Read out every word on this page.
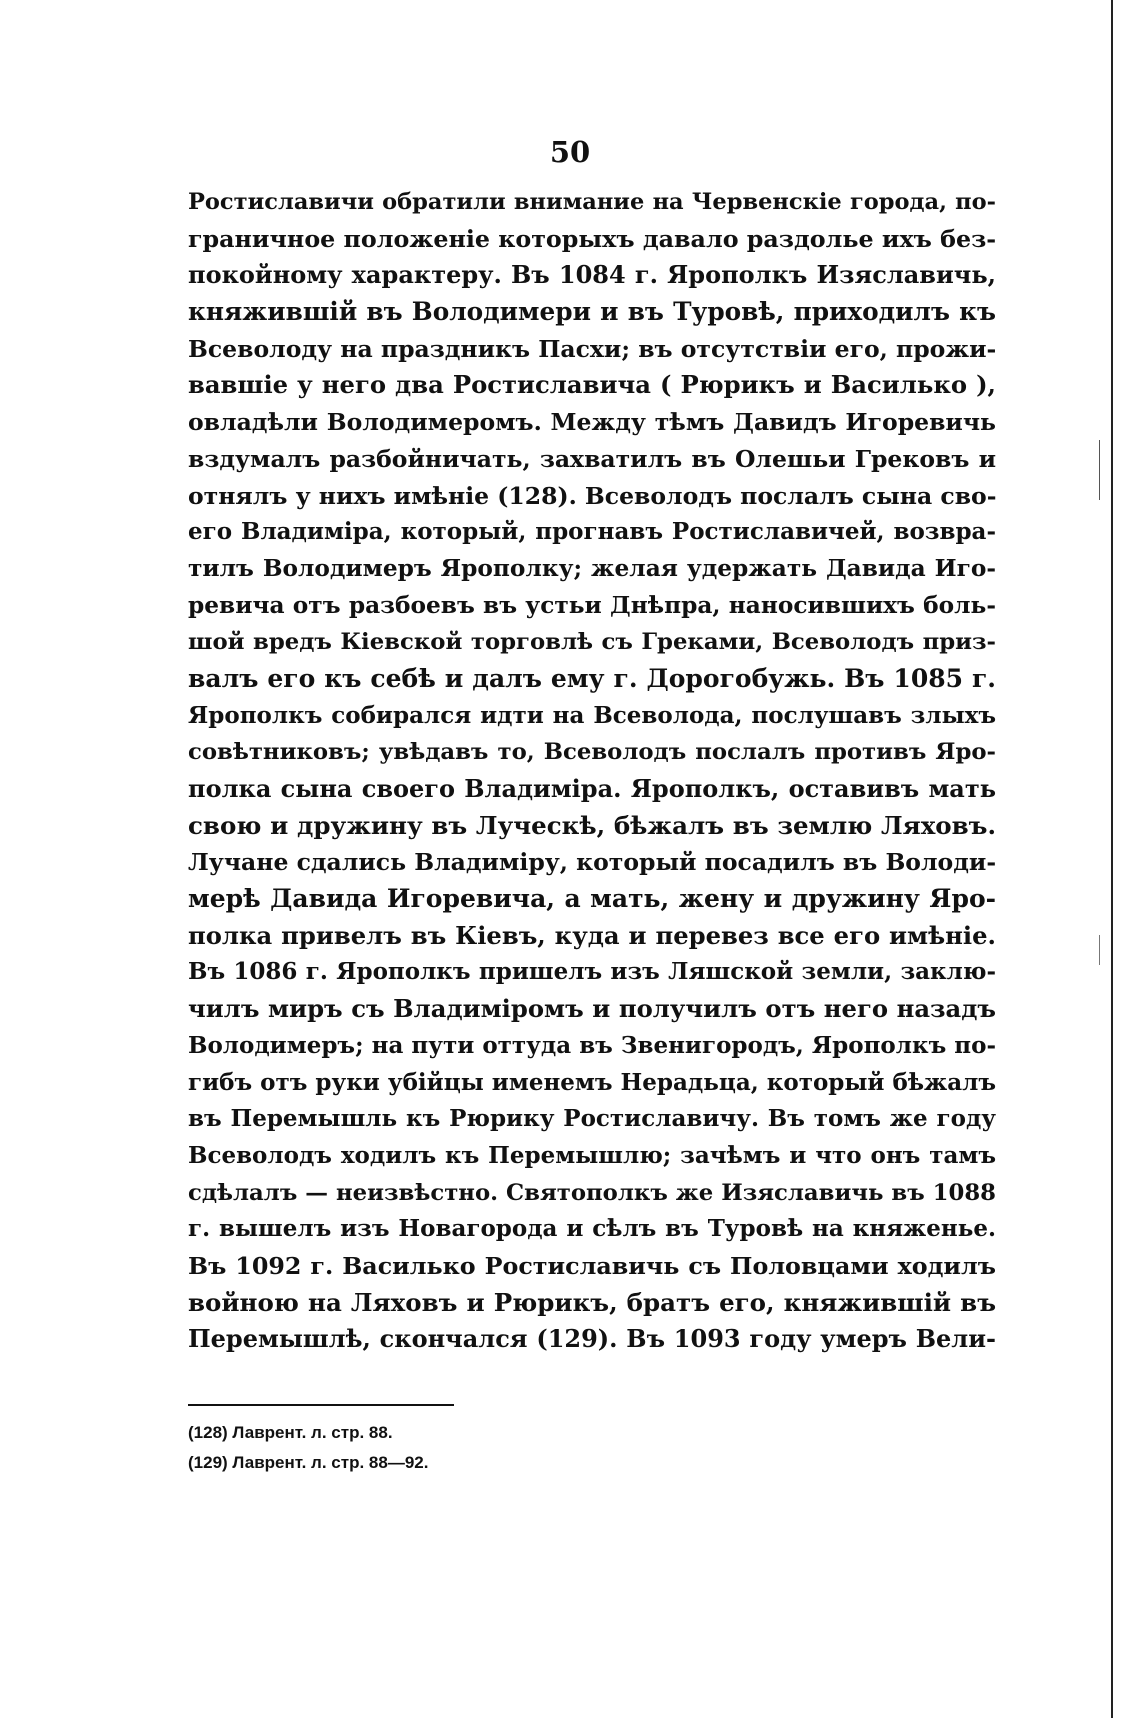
50
Ростиславичи обратили внимание на Червенскіе города, по-
граничное положеніе которыхъ давало раздолье ихъ без-
покойному характеру. Въ 1084 г. Ярополкъ Изяславичь,
княжившій въ Володимери и въ Туровѣ, приходилъ къ
Всеволоду на праздникъ Пасхи; въ отсутствіи его, прожи-
вавшіе у него два Ростиславича ( Рюрикъ и Василько ),
овладѣли Володимеромъ. Между тѣмъ Давидъ Игоревичь
вздумалъ разбойничать, захватилъ въ Олешьи Грековъ и
отнялъ у нихъ имѣніе (128). Всеволодъ послалъ сына сво-
его Владиміра, который, прогнавъ Ростиславичей, возвра-
тилъ Володимеръ Ярополку; желая удержать Давида Иго-
ревича отъ разбоевъ въ устьи Днѣпра, наносившихъ боль-
шой вредъ Кіевской торговлѣ съ Греками, Всеволодъ приз-
валъ его къ себѣ и далъ ему г. Дорогобужь. Въ 1085 г.
Ярополкъ собирался идти на Всеволода, послушавъ злыхъ
совѣтниковъ; увѣдавъ то, Всеволодъ послалъ противъ Яро-
полка сына своего Владиміра. Ярополкъ, оставивъ мать
свою и дружину въ Луческѣ, бѣжалъ въ землю Ляховъ.
Лучане сдались Владиміру, который посадилъ въ Володи-
мерѣ Давида Игоревича, а мать, жену и дружину Яро-
полка привелъ въ Кіевъ, куда и перевез все его имѣніе.
Въ 1086 г. Ярополкъ пришелъ изъ Ляшской земли, заклю-
чилъ миръ съ Владиміромъ и получилъ отъ него назадъ
Володимеръ; на пути оттуда въ Звенигородъ, Ярополкъ по-
гибъ отъ руки убійцы именемъ Нерадьца, который бѣжалъ
въ Перемышль къ Рюрику Ростиславичу. Въ томъ же году
Всеволодъ ходилъ къ Перемышлю; зачѣмъ и что онъ тамъ
сдѣлалъ — неизвѣстно. Святополкъ же Изяславичь въ 1088
г. вышелъ изъ Новагорода и сѣлъ въ Туровѣ на княженье.
Въ 1092 г. Василько Ростиславичь съ Половцами ходилъ
войною на Ляховъ и Рюрикъ, братъ его, княжившій въ
Перемышлѣ, скончался (129). Въ 1093 году умеръ Вели-
(128) Лаврент. л. стр. 88.
(129) Лаврент. л. стр. 88—92.
